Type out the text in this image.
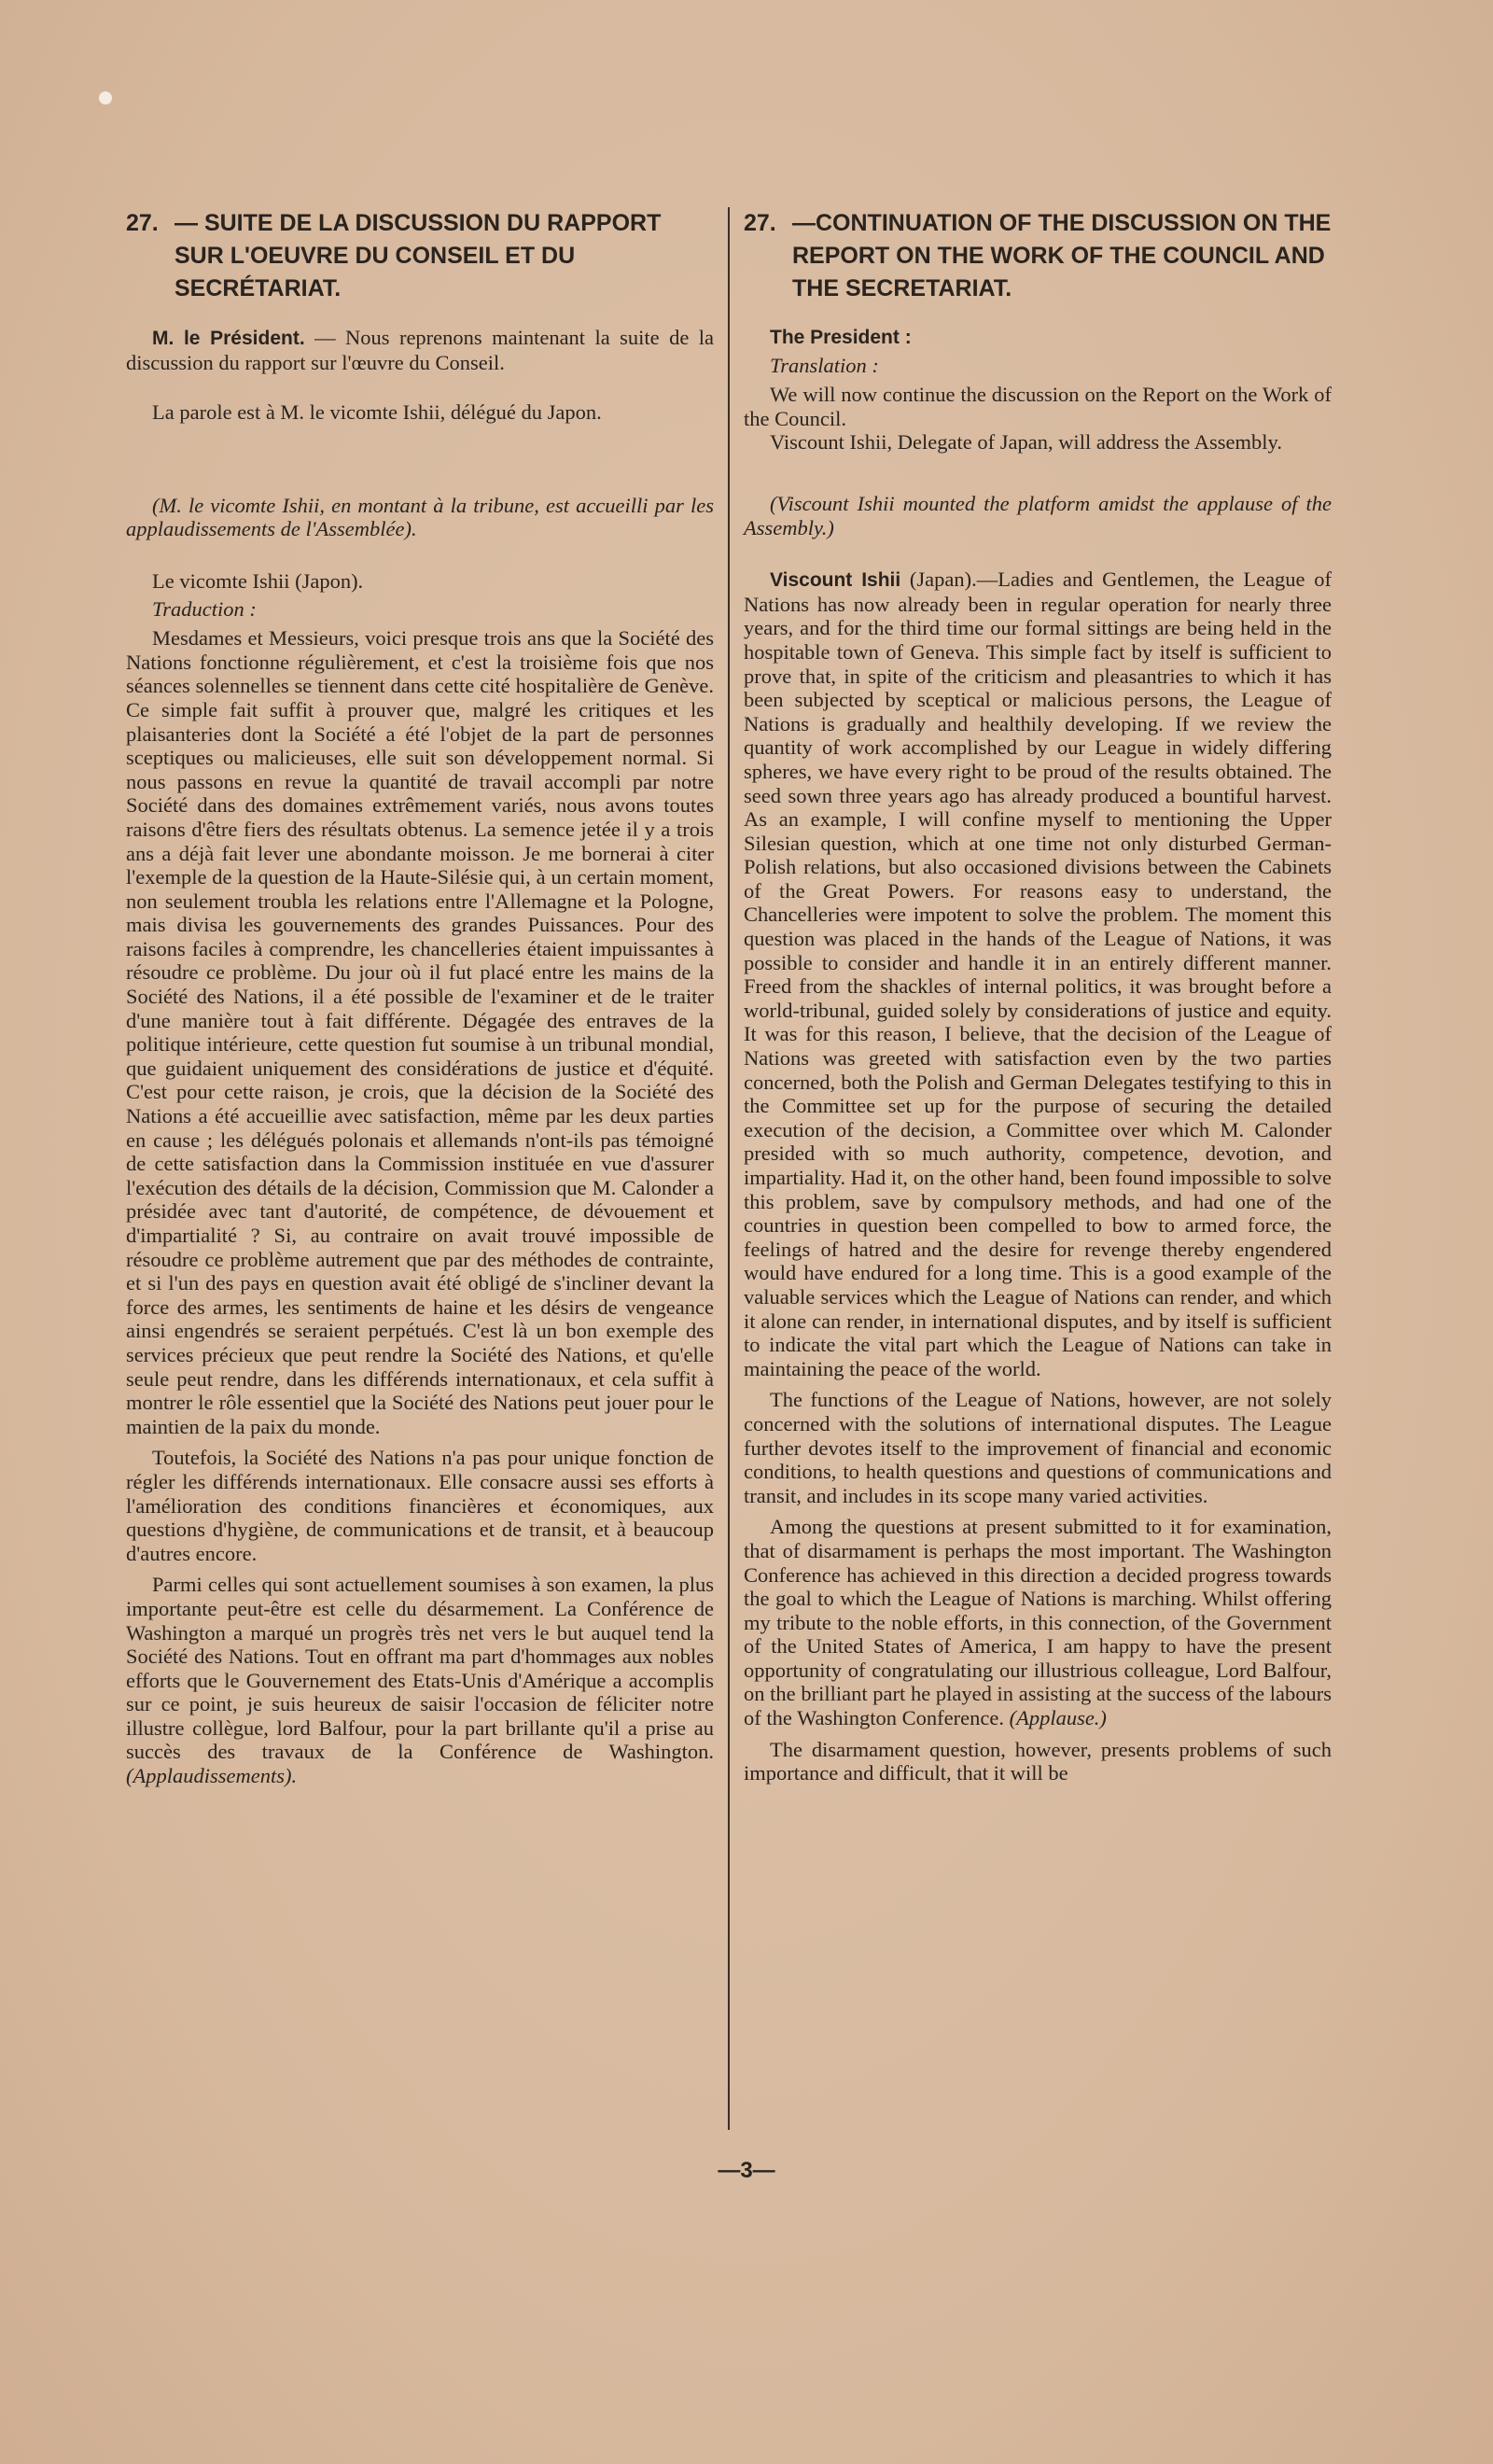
27. — SUITE DE LA DISCUSSION DU RAPPORT SUR L'OEUVRE DU CONSEIL ET DU SECRÉTARIAT.

M. le Président. — Nous reprenons maintenant la suite de la discussion du rapport sur l'œuvre du Conseil.

La parole est à M. le vicomte Ishii, délégué du Japon.

(M. le vicomte Ishii, en montant à la tribune, est accueilli par les applaudissements de l'Assemblée).

Le vicomte Ishii (Japon).

Traduction :

Mesdames et Messieurs, voici presque trois ans que la Société des Nations fonctionne régulièrement, et c'est la troisième fois que nos séances solennelles se tiennent dans cette cité hospitalière de Genève. Ce simple fait suffit à prouver que, malgré les critiques et les plaisanteries dont la Société a été l'objet de la part de personnes sceptiques ou malicieuses, elle suit son développement normal. Si nous passons en revue la quantité de travail accompli par notre Société dans des domaines extrêmement variés, nous avons toutes raisons d'être fiers des résultats obtenus. La semence jetée il y a trois ans a déjà fait lever une abondante moisson. Je me bornerai à citer l'exemple de la question de la Haute-Silésie qui, à un certain moment, non seulement troubla les relations entre l'Allemagne et la Pologne, mais divisa les gouvernements des grandes Puissances. Pour des raisons faciles à comprendre, les chancelleries étaient impuissantes à résoudre ce problème. Du jour où il fut placé entre les mains de la Société des Nations, il a été possible de l'examiner et de le traiter d'une manière tout à fait différente. Dégagée des entraves de la politique intérieure, cette question fut soumise à un tribunal mondial, que guidaient uniquement des considérations de justice et d'équité. C'est pour cette raison, je crois, que la décision de la Société des Nations a été accueillie avec satisfaction, même par les deux parties en cause ; les délégués polonais et allemands n'ont-ils pas témoigné de cette satisfaction dans la Commission instituée en vue d'assurer l'exécution des détails de la décision, Commission que M. Calonder a présidée avec tant d'autorité, de compétence, de dévouement et d'impartialité ? Si, au contraire on avait trouvé impossible de résoudre ce problème autrement que par des méthodes de contrainte, et si l'un des pays en question avait été obligé de s'incliner devant la force des armes, les sentiments de haine et les désirs de vengeance ainsi engendrés se seraient perpétués. C'est là un bon exemple des services précieux que peut rendre la Société des Nations, et qu'elle seule peut rendre, dans les différends internationaux, et cela suffit à montrer le rôle essentiel que la Société des Nations peut jouer pour le maintien de la paix du monde.

Toutefois, la Société des Nations n'a pas pour unique fonction de régler les différends internationaux. Elle consacre aussi ses efforts à l'amélioration des conditions financières et économiques, aux questions d'hygiène, de communications et de transit, et à beaucoup d'autres encore.

Parmi celles qui sont actuellement soumises à son examen, la plus importante peut-être est celle du désarmement. La Conférence de Washington a marqué un progrès très net vers le but auquel tend la Société des Nations. Tout en offrant ma part d'hommages aux nobles efforts que le Gouvernement des Etats-Unis d'Amérique a accomplis sur ce point, je suis heureux de saisir l'occasion de féliciter notre illustre collègue, lord Balfour, pour la part brillante qu'il a prise au succès des travaux de la Conférence de Washington. (Applaudissements).

27. —CONTINUATION OF THE DISCUSSION ON THE REPORT ON THE WORK OF THE COUNCIL AND THE SECRETARIAT.

The President :

Translation :

We will now continue the discussion on the Report on the Work of the Council.

Viscount Ishii, Delegate of Japan, will address the Assembly.

(Viscount Ishii mounted the platform amidst the applause of the Assembly.)

Viscount Ishii (Japan).—Ladies and Gentlemen, the League of Nations has now already been in regular operation for nearly three years, and for the third time our formal sittings are being held in the hospitable town of Geneva. This simple fact by itself is sufficient to prove that, in spite of the criticism and pleasantries to which it has been subjected by sceptical or malicious persons, the League of Nations is gradually and healthily developing. If we review the quantity of work accomplished by our League in widely differing spheres, we have every right to be proud of the results obtained. The seed sown three years ago has already produced a bountiful harvest. As an example, I will confine myself to mentioning the Upper Silesian question, which at one time not only disturbed German-Polish relations, but also occasioned divisions between the Cabinets of the Great Powers. For reasons easy to understand, the Chancelleries were impotent to solve the problem. The moment this question was placed in the hands of the League of Nations, it was possible to consider and handle it in an entirely different manner. Freed from the shackles of internal politics, it was brought before a world-tribunal, guided solely by considerations of justice and equity. It was for this reason, I believe, that the decision of the League of Nations was greeted with satisfaction even by the two parties concerned, both the Polish and German Delegates testifying to this in the Committee set up for the purpose of securing the detailed execution of the decision, a Committee over which M. Calonder presided with so much authority, competence, devotion, and impartiality. Had it, on the other hand, been found impossible to solve this problem, save by compulsory methods, and had one of the countries in question been compelled to bow to armed force, the feelings of hatred and the desire for revenge thereby engendered would have endured for a long time. This is a good example of the valuable services which the League of Nations can render, and which it alone can render, in international disputes, and by itself is sufficient to indicate the vital part which the League of Nations can take in maintaining the peace of the world.

The functions of the League of Nations, however, are not solely concerned with the solutions of international disputes. The League further devotes itself to the improvement of financial and economic conditions, to health questions and questions of communications and transit, and includes in its scope many varied activities.

Among the questions at present submitted to it for examination, that of disarmament is perhaps the most important. The Washington Conference has achieved in this direction a decided progress towards the goal to which the League of Nations is marching. Whilst offering my tribute to the noble efforts, in this connection, of the Government of the United States of America, I am happy to have the present opportunity of congratulating our illustrious colleague, Lord Balfour, on the brilliant part he played in assisting at the success of the labours of the Washington Conference. (Applause.)

The disarmament question, however, presents problems of such importance and difficult, that it will be

—3—
